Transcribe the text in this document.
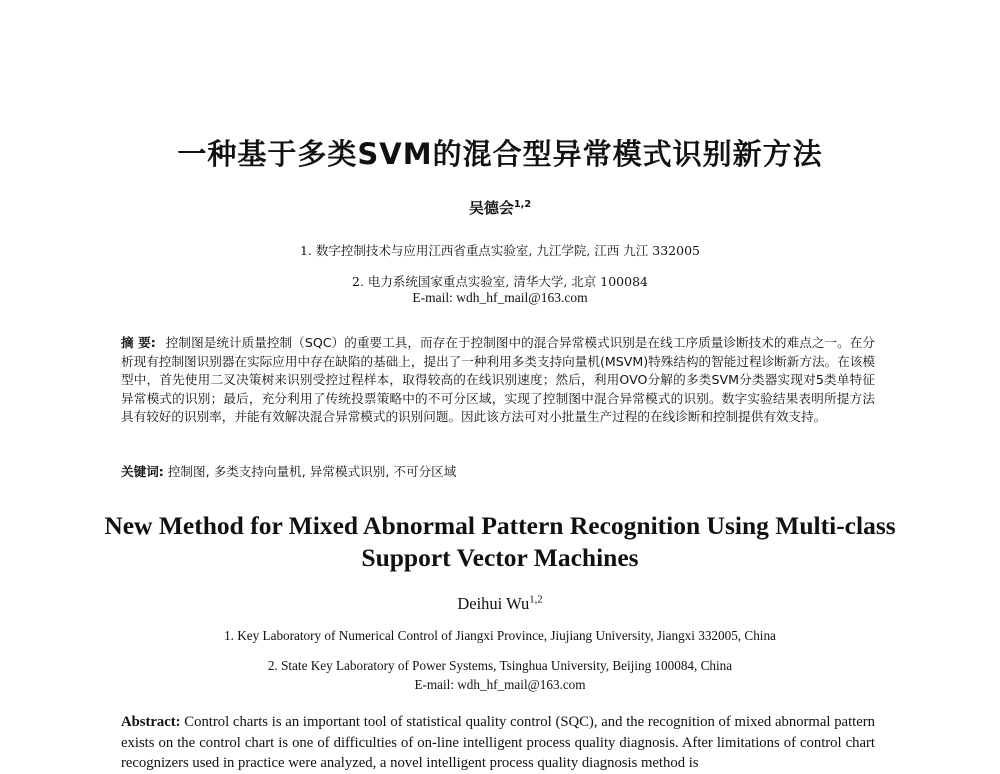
一种基于多类SVM的混合型异常模式识别新方法
吴德会$^{1,2}$
1. 数字控制技术与应用江西省重点实验室, 九江学院, 江西 九江 332005
2. 电力系统国家重点实验室, 清华大学, 北京 100084
E-mail: wdh_hf_mail@163.com
摘 要: 控制图是统计质量控制（SQC）的重要工具，而存在于控制图中的混合异常模式识别是在线工序质量诊断技术的难点之一。在分析现有控制图识别器在实际应用中存在缺陷的基础上，提出了一种利用多类支持向量机(MSVM)特殊结构的智能过程诊断新方法。在该模型中，首先使用二叉决策树来识别受控过程样本，取得较高的在线识别速度；然后，利用OVO分解的多类SVM分类器实现对5类单特征异常模式的识别；最后，充分利用了传统投票策略中的不可分区域，实现了控制图中混合异常模式的识别。数字实验结果表明所提方法具有较好的识别率，并能有效解决混合异常模式的识别问题。因此该方法可对小批量生产过程的在线诊断和控制提供有效支持。
关键词: 控制图, 多类支持向量机, 异常模式识别, 不可分区域
New Method for Mixed Abnormal Pattern Recognition Using Multi-class Support Vector Machines
Deihui Wu$^{1,2}$
1. Key Laboratory of Numerical Control of Jiangxi Province, Jiujiang University, Jiangxi 332005, China
2. State Key Laboratory of Power Systems, Tsinghua University, Beijing 100084, China
E-mail: wdh_hf_mail@163.com
Abstract: Control charts is an important tool of statistical quality control (SQC), and the recognition of mixed abnormal pattern exists on the control chart is one of difficulties of on-line intelligent process quality diagnosis. After limitations of control chart recognizers used in practice were analyzed, a novel intelligent process quality diagnosis method is
